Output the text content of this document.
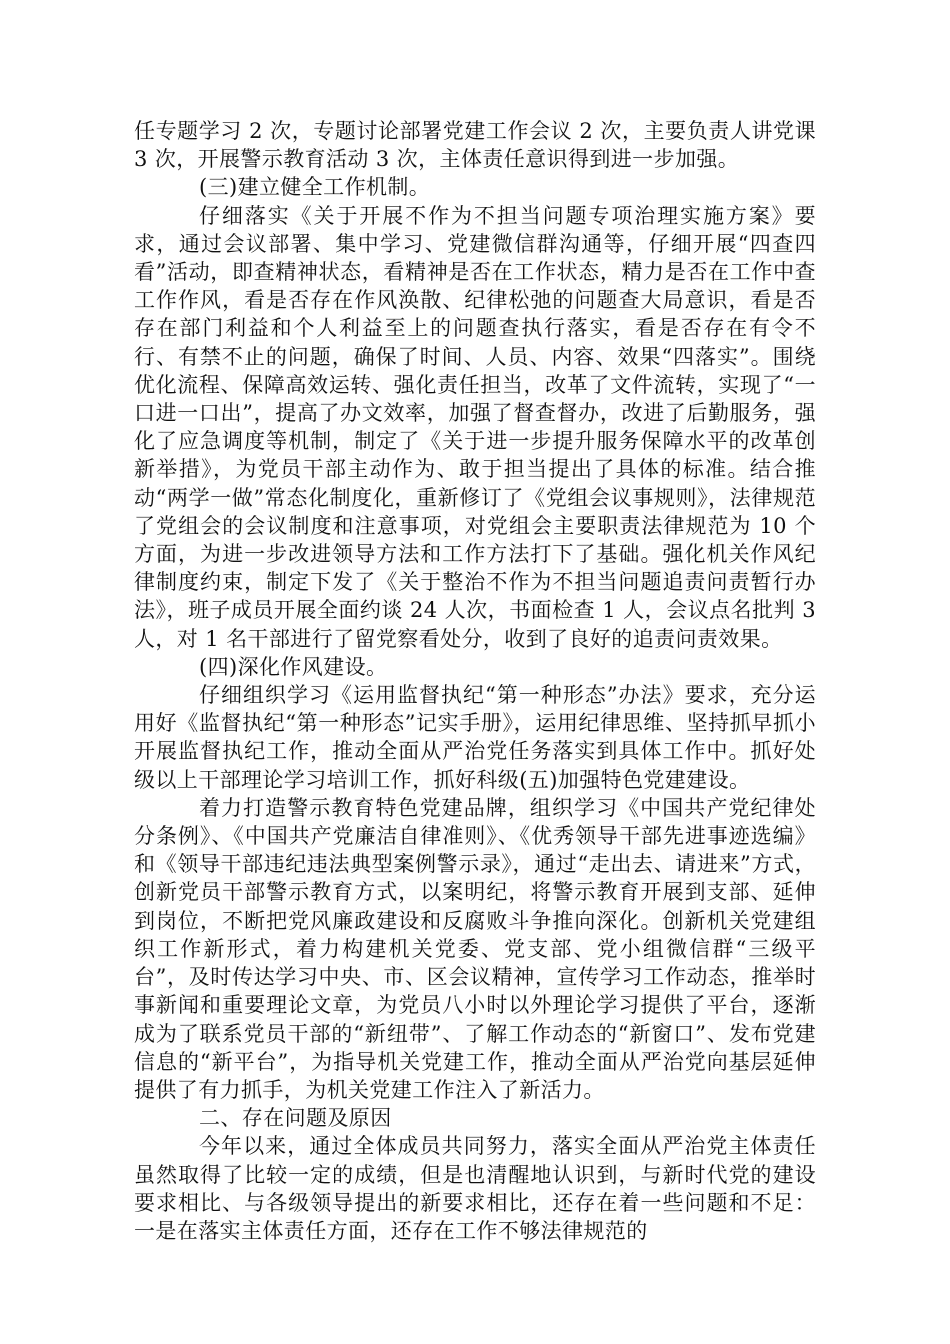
任专题学习 2 次，专题讨论部署党建工作会议 2 次，主要负责人讲党课 3 次，开展警示教育活动 3 次，主体责任意识得到进一步加强。

(三)建立健全工作机制。

仔细落实《关于开展不作为不担当问题专项治理实施方案》要求，通过会议部署、集中学习、党建微信群沟通等，仔细开展“四查四看”活动，即查精神状态，看精神是否在工作状态，精力是否在工作中查工作作风，看是否存在作风涣散、纪律松弛的问题查大局意识，看是否存在部门利益和个人利益至上的问题查执行落实，看是否存在有令不行、有禁不止的问题，确保了时间、人员、内容、效果“四落实”。围绕优化流程、保障高效运转、强化责任担当，改革了文件流转，实现了“一口进一口出”，提高了办文效率，加强了督查督办，改进了后勤服务，强化了应急调度等机制，制定了《关于进一步提升服务保障水平的改革创新举措》，为党员干部主动作为、敢于担当提出了具体的标准。结合推动“两学一做”常态化制度化，重新修订了《党组会议事规则》，法律规范了党组会的会议制度和注意事项，对党组会主要职责法律规范为 10 个方面，为进一步改进领导方法和工作方法打下了基础。强化机关作风纪律制度约束，制定下发了《关于整治不作为不担当问题追责问责暂行办法》，班子成员开展全面约谈 24 人次，书面检查 1 人，会议点名批判 3 人，对 1 名干部进行了留党察看处分，收到了良好的追责问责效果。

(四)深化作风建设。

仔细组织学习《运用监督执纪“第一种形态”办法》要求，充分运用好《监督执纪“第一种形态”记实手册》，运用纪律思维、坚持抓早抓小开展监督执纪工作，推动全面从严治党任务落实到具体工作中。抓好处级以上干部理论学习培训工作，抓好科级(五)加强特色党建建设。

着力打造警示教育特色党建品牌，组织学习《中国共产党纪律处分条例》、《中国共产党廉洁自律准则》、《优秀领导干部先进事迹选编》和《领导干部违纪违法典型案例警示录》，通过“走出去、请进来”方式，创新党员干部警示教育方式，以案明纪，将警示教育开展到支部、延伸到岗位，不断把党风廉政建设和反腐败斗争推向深化。创新机关党建组织工作新形式，着力构建机关党委、党支部、党小组微信群“三级平台”，及时传达学习中央、市、区会议精神，宣传学习工作动态，推举时事新闻和重要理论文章，为党员八小时以外理论学习提供了平台，逐渐成为了联系党员干部的“新纽带”、了解工作动态的“新窗口”、发布党建信息的“新平台”，为指导机关党建工作，推动全面从严治党向基层延伸提供了有力抓手，为机关党建工作注入了新活力。

二、存在问题及原因

今年以来，通过全体成员共同努力，落实全面从严治党主体责任虽然取得了比较一定的成绩，但是也清醒地认识到，与新时代党的建设要求相比、与各级领导提出的新要求相比，还存在着一些问题和不足：一是在落实主体责任方面，还存在工作不够法律规范的
